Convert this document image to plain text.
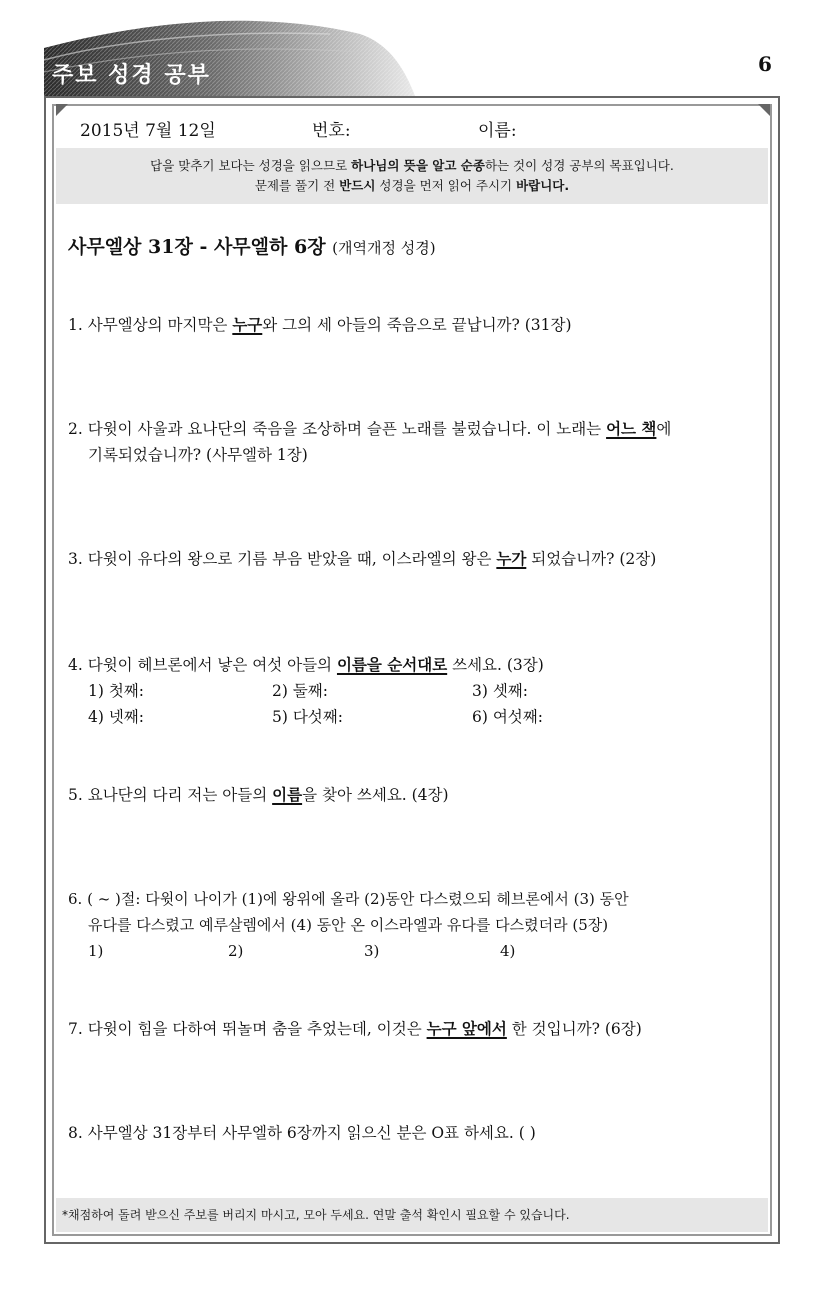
주보 성경 공부	6
2015년 7월 12일	번호:	이름:
답을 맞추기 보다는 성경을 읽으므로 하나님의 뜻을 알고 순종하는 것이 성경 공부의 목표입니다.
문제를 풀기 전 반드시 성경을 먼저 읽어 주시기 바랍니다.
사무엘상 31장 - 사무엘하 6장 (개역개정 성경)
1. 사무엘상의 마지막은 누구와 그의 세 아들의 죽음으로 끝납니까? (31장)
2. 다윗이 사울과 요나단의 죽음을 조상하며 슬픈 노래를 불렀습니다. 이 노래는 어느 책에
기록되었습니까? (사무엘하 1장)
3. 다윗이 유다의 왕으로 기름 부음 받았을 때, 이스라엘의 왕은 누가 되었습니까? (2장)
4. 다윗이 헤브론에서 낳은 여섯 아들의 이름을 순서대로 쓰세요. (3장)
1) 첫째:	2) 둘째:	3) 셋째:
4) 넷째:	5) 다섯째:	6) 여섯째:
5. 요나단의 다리 저는 아들의 이름을 찾아 쓰세요. (4장)
6. ( ~ )절: 다윗이 나이가 (1)에 왕위에 올라 (2)동안 다스렸으되 헤브론에서 (3) 동안
유다를 다스렸고 예루살렘에서 (4) 동안 온 이스라엘과 유다를 다스렸더라 (5장)
1)	2)	3)	4)
7. 다윗이 힘을 다하여 뛰놀며 춤을 추었는데, 이것은 누구 앞에서 한 것입니까? (6장)
8. 사무엘상 31장부터 사무엘하 6장까지 읽으신 분은 O표 하세요. ( )
*채점하여 돌려 받으신 주보를 버리지 마시고, 모아 두세요. 연말 출석 확인시 필요할 수 있습니다.
